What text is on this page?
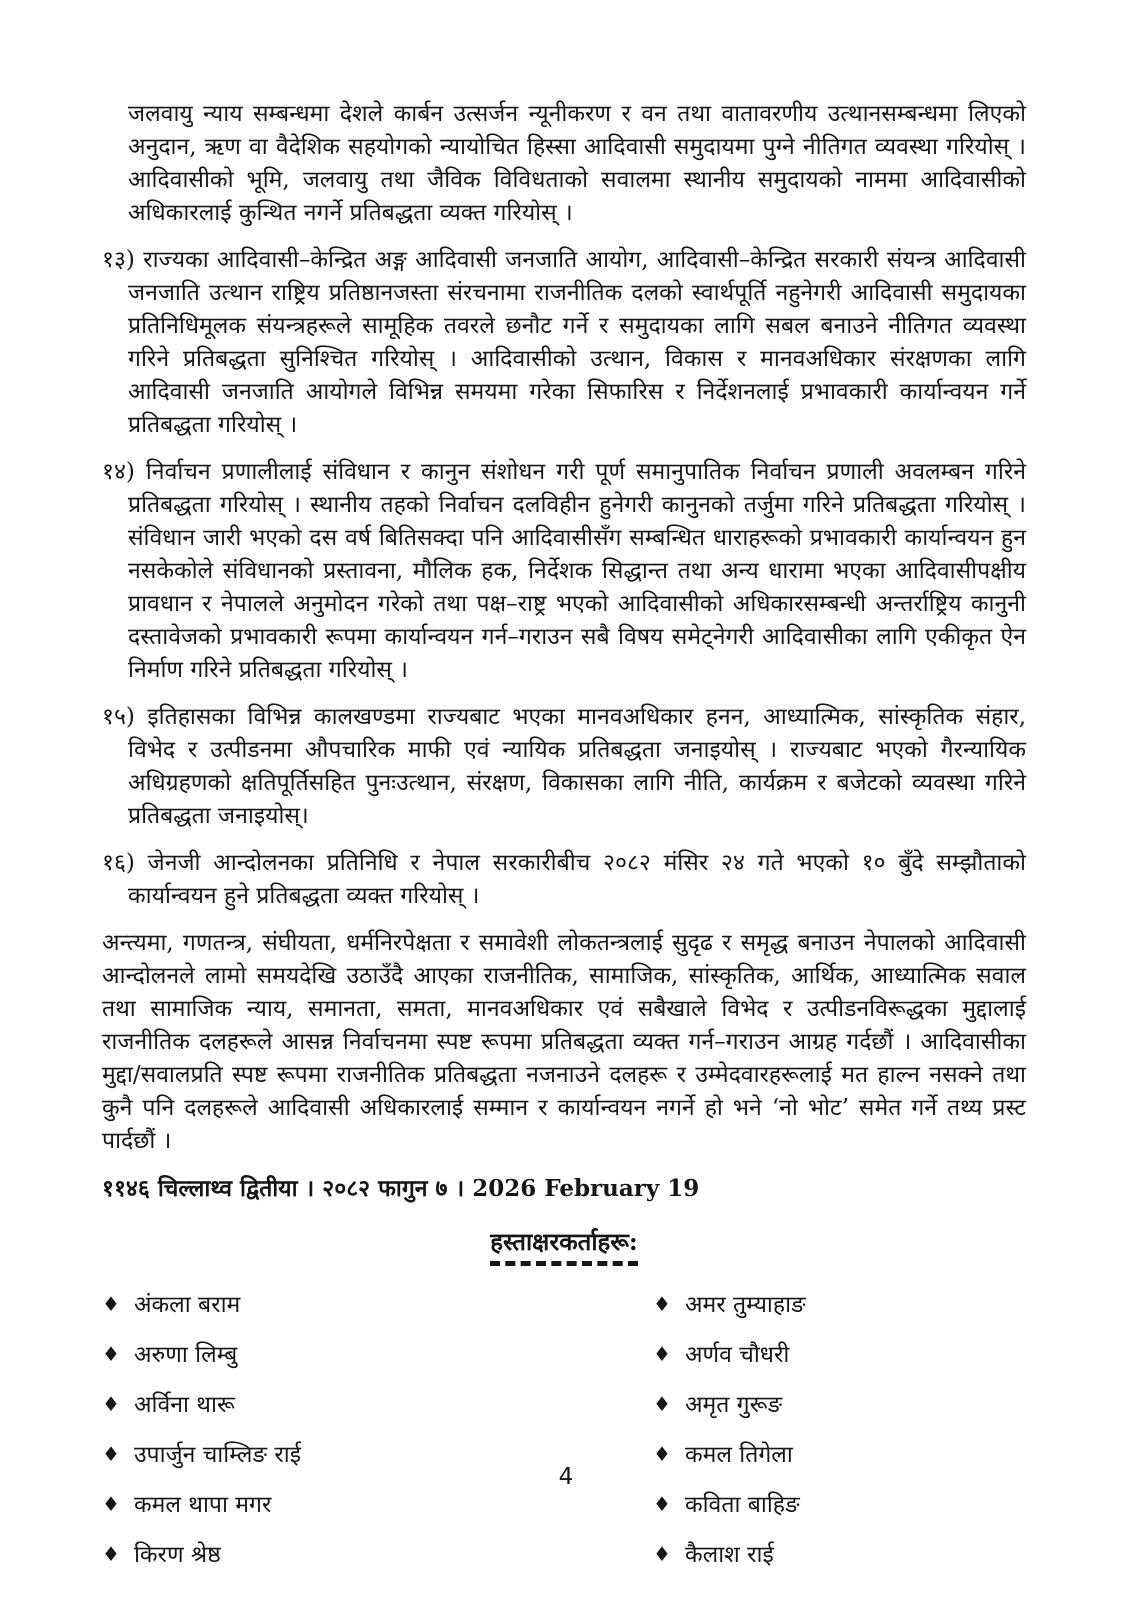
जलवायु न्याय सम्बन्धमा देशले कार्बन उत्सर्जन न्यूनीकरण र वन तथा वातावरणीय उत्थानसम्बन्धमा लिएको अनुदान, ऋण वा वैदेशिक सहयोगको न्यायोचित हिस्सा आदिवासी समुदायमा पुग्ने नीतिगत व्यवस्था गरियोस् । आदिवासीको भूमि, जलवायु तथा जैविक विविधताको सवालमा स्थानीय समुदायको नाममा आदिवासीको अधिकारलाई कुन्थित नगर्ने प्रतिबद्धता व्यक्त गरियोस् ।

१३) राज्यका आदिवासी–केन्द्रित अङ्ग आदिवासी जनजाति आयोग, आदिवासी–केन्द्रित सरकारी संयन्त्र आदिवासी जनजाति उत्थान राष्ट्रिय प्रतिष्ठानजस्ता संरचनामा राजनीतिक दलको स्वार्थपूर्ति नहुनेगरी आदिवासी समुदायका प्रतिनिधिमूलक संयन्त्रहरूले सामूहिक तवरले छनौट गर्ने र समुदायका लागि सबल बनाउने नीतिगत व्यवस्था गरिने प्रतिबद्धता सुनिश्चित गरियोस् । आदिवासीको उत्थान, विकास र मानवअधिकार संरक्षणका लागि आदिवासी जनजाति आयोगले विभिन्न समयमा गरेका सिफारिस र निर्देशनलाई प्रभावकारी कार्यान्वयन गर्ने प्रतिबद्धता गरियोस् ।

१४) निर्वाचन प्रणालीलाई संविधान र कानुन संशोधन गरी पूर्ण समानुपातिक निर्वाचन प्रणाली अवलम्बन गरिने प्रतिबद्धता गरियोस् । स्थानीय तहको निर्वाचन दलविहीन हुनेगरी कानुनको तर्जुमा गरिने प्रतिबद्धता गरियोस् । संविधान जारी भएको दस वर्ष बितिसक्दा पनि आदिवासीसँग सम्बन्धित धाराहरूको प्रभावकारी कार्यान्वयन हुन नसकेकोले संविधानको प्रस्तावना, मौलिक हक, निर्देशक सिद्धान्त तथा अन्य धारामा भएका आदिवासीपक्षीय प्रावधान र नेपालले अनुमोदन गरेको तथा पक्ष–राष्ट्र भएको आदिवासीको अधिकारसम्बन्धी अन्तर्राष्ट्रिय कानुनी दस्तावेजको प्रभावकारी रूपमा कार्यान्वयन गर्न–गराउन सबै विषय समेट्नेगरी आदिवासीका लागि एकीकृत ऐन निर्माण गरिने प्रतिबद्धता गरियोस् ।

१५) इतिहासका विभिन्न कालखण्डमा राज्यबाट भएका मानवअधिकार हनन, आध्यात्मिक, सांस्कृतिक संहार, विभेद र उत्पीडनमा औपचारिक माफी एवं न्यायिक प्रतिबद्धता जनाइयोस् । राज्यबाट भएको गैरन्यायिक अधिग्रहणको क्षतिपूर्तिसहित पुनःउत्थान, संरक्षण, विकासका लागि नीति, कार्यक्रम र बजेटको व्यवस्था गरिने प्रतिबद्धता जनाइयोस्।

१६) जेनजी आन्दोलनका प्रतिनिधि र नेपाल सरकारीबीच २०८२ मंसिर २४ गते भएको १० बुँदे सम्झौताको कार्यान्वयन हुने प्रतिबद्धता व्यक्त गरियोस् ।

अन्त्यमा, गणतन्त्र, संघीयता, धर्मनिरपेक्षता र समावेशी लोकतन्त्रलाई सुदृढ र समृद्ध बनाउन नेपालको आदिवासी आन्दोलनले लामो समयदेखि उठाउँदै आएका राजनीतिक, सामाजिक, सांस्कृतिक, आर्थिक, आध्यात्मिक सवाल तथा सामाजिक न्याय, समानता, समता, मानवअधिकार एवं सबैखाले विभेद र उत्पीडनविरूद्धका मुद्दालाई राजनीतिक दलहरूले आसन्न निर्वाचनमा स्पष्ट रूपमा प्रतिबद्धता व्यक्त गर्न–गराउन आग्रह गर्दछौं । आदिवासीका मुद्दा/सवालप्रति स्पष्ट रूपमा राजनीतिक प्रतिबद्धता नजनाउने दलहरू र उम्मेदवारहरूलाई मत हाल्न नसक्ने तथा कुनै पनि दलहरूले आदिवासी अधिकारलाई सम्मान र कार्यान्वयन नगर्ने हो भने ‘नो भोट’ समेत गर्ने तथ्य प्रस्ट पार्दछौं ।

११४६ चिल्लाथ्व द्वितीया । २०८२ फागुन ७ । 2026 February 19

हस्ताक्षरकर्ताहरू:
♦ अंकला बराम
♦ अरुणा लिम्बु
♦ अर्विना थारू
♦ उपार्जुन चाम्लिङ राई
♦ कमल थापा मगर
♦ किरण श्रेष्ठ
♦ अमर तुम्याहाङ
♦ अर्णव चौधरी
♦ अमृत गुरूङ
♦ कमल तिगेला
♦ कविता बाहिङ
♦ कैलाश राई
4
